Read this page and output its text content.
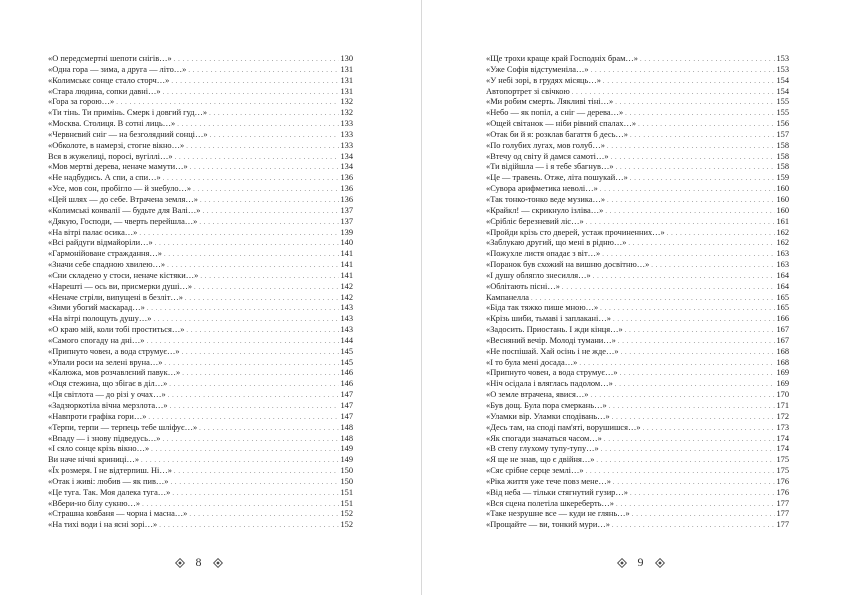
«О передсмертні шепоти снігів…» . . .	130
«Одна гора — зима, а друга — літо…» . . .	131
«Колимськє сонце стало сторч…» . . .	131
«Стара людина, сопки давні…» . . .	131
«Гора за горою…» . . .	132
«Ти тінь. Ти примінь. Смерк і довгий гуд…» . . .	132
«Москва. Столиця. В сотні лиць…» . . .	133
«Червнєвий сніг — на безголядний сонці…» . . .	133
«Обколоте, в намерзі, стогне вікно…» . . .	133
Вся в жужелиці, поросі, вугіллі…» . . .	134
«Мов мертві дерева, неначе мамути…» . . .	134
«Не надбудись. А спи, а спи…» . . .	136
«Усе, мов сон, пробігло — й знебуло…» . . .	136
«Цей шлях — до себе. Втрачена земля…» . . .	136
«Колимські конвалії — будьте для Валі…» . . .	137
«Дякую, Господи, — чверть перейшла…» . . .	137
«На вітрі палає осика…» . . .	139
«Всі райдуги відмайоріли…» . . .	140
«Гармонійоване страждання…» . . .	141
«Значи себе спадною хвилею…» . . .	141
«Сни складено у стоси, неначе кістяки…» . . .	141
«Нарешті — ось ви, присмерки душі…» . . .	142
«Неначе стріли, випущені в безліт…» . . .	142
«Зими убогий маскарад…» . . .	143
«На вітрі полощуть душу…» . . .	143
«О краю мій, коли тобі проститься…» . . .	143
«Самого спогаду на дні…» . . .	144
«Припнуто човен, а вода струмує…» . . .	145
«Упали роси на зелені вруна…» . . .	145
«Калюжа, мов розчавлєний павук…» . . .	146
«Оця стежина, що збігає в діл…» . . .	146
«Ця світлота — до різі у очах…» . . .	147
«Задзюркотіла вічна мерзлота…» . . .	147
«Навпроти графіка гори…» . . .	147
«Терпи, терпи — терпець тебе шліфує…» . . .	148
«Впаду — і знову підведусь…» . . .	148
«І сяло сонце крізь вікно…» . . .	149
Ви наче нічні криниці…» . . .	149
«Їх розмеря. І не відтерпиш. Ні…» . . .	150
«Отак і живі: любив — як пив…» . . .	150
«Це туга. Так. Моя далека туга…» . . .	151
«Вбери-но білу сукню…» . . .	151
«Страшна ковбаня — чорна і масна…» . . .	152
«На тихі води і на ясні зорі…» . . .	152
8
«Ще трохи краще край Господніх брам…» . . .	153
«Уже Софія відстуменіла…» . . .	153
«У небі зорі, в грудях місяць…» . . .	154
Автопортрет зі свічкою . . .	154
«Ми робим смерть. Лякливі тіні…» . . .	155
«Небо — як попіл, а сніг — дерева…» . . .	155
«Ощей світанок — ніби рівний спалах…» . . .	156
«Отак би й я: розклав багаття б десь…» . . .	157
«По голубих лугах, мов голуб…» . . .	158
«Втечу од світу й дамся самоті…» . . .	158
«Ти відійшла — і я тебе збагнув…» . . .	158
«Це — травень. Отже, літа пошукай…» . . .	159
«Сувора арифметика неволі…» . . .	160
«Так тонко-тонко веде музика…» . . .	160
«Крайкл! — скрикнуло ізліва…» . . .	160
«Срібліє березневий ліс…» . . .	161
«Пройди крізь сто дверей, устаж прочиненних…» . . .	162
«Заблукаю другий, що мені в рідню…» . . .	162
«Пожухле листя опадає з віт…» . . .	163
«Поранок був схожий на вишню досвітню…» . . .	163
«І душу облягло знесилля…» . . .	164
«Облітають пісні…» . . .	164
Кампанелла . . .	165
«Біда так тяжко пише мною…» . . .	165
«Крізь шиби, тьмаві і заплакані…» . . .	166
«Задосить. Приостань. І жди кінця…» . . .	167
«Весняний вечір. Молоді тумани…» . . .	167
«Не поспішай. Хай осінь і не жде…» . . .	168
«І то була мені досада…» . . .	168
«Припнуто човен, а вода струмує…» . . .	169
«Ніч осідала і вляглась падолом…» . . .	169
«О земле втрачена, явися…» . . .	170
«Був дощ. Була пора смеркань…» . . .	171
«Уламки вір. Уламки сподівань…» . . .	172
«Десь там, на споді пам'яті, ворушишся…» . . .	173
«Як спогади значаться часом…» . . .	174
«В степу глухому тупу-тупу…» . . .	174
«Я ще не знав, що є двійня…» . . .	175
«Сяє срібне серце землі…» . . .	175
«Ріка життя уже тече повз мене…» . . .	176
«Від неба — тільки стягнутий гузир…» . . .	176
«Вся сцена полетіла шкереберть…» . . .	177
«Таке незрушне все — куди не глянь…» . . .	177
«Прощайте — ви, тонкий мури…» . . .	177
9
